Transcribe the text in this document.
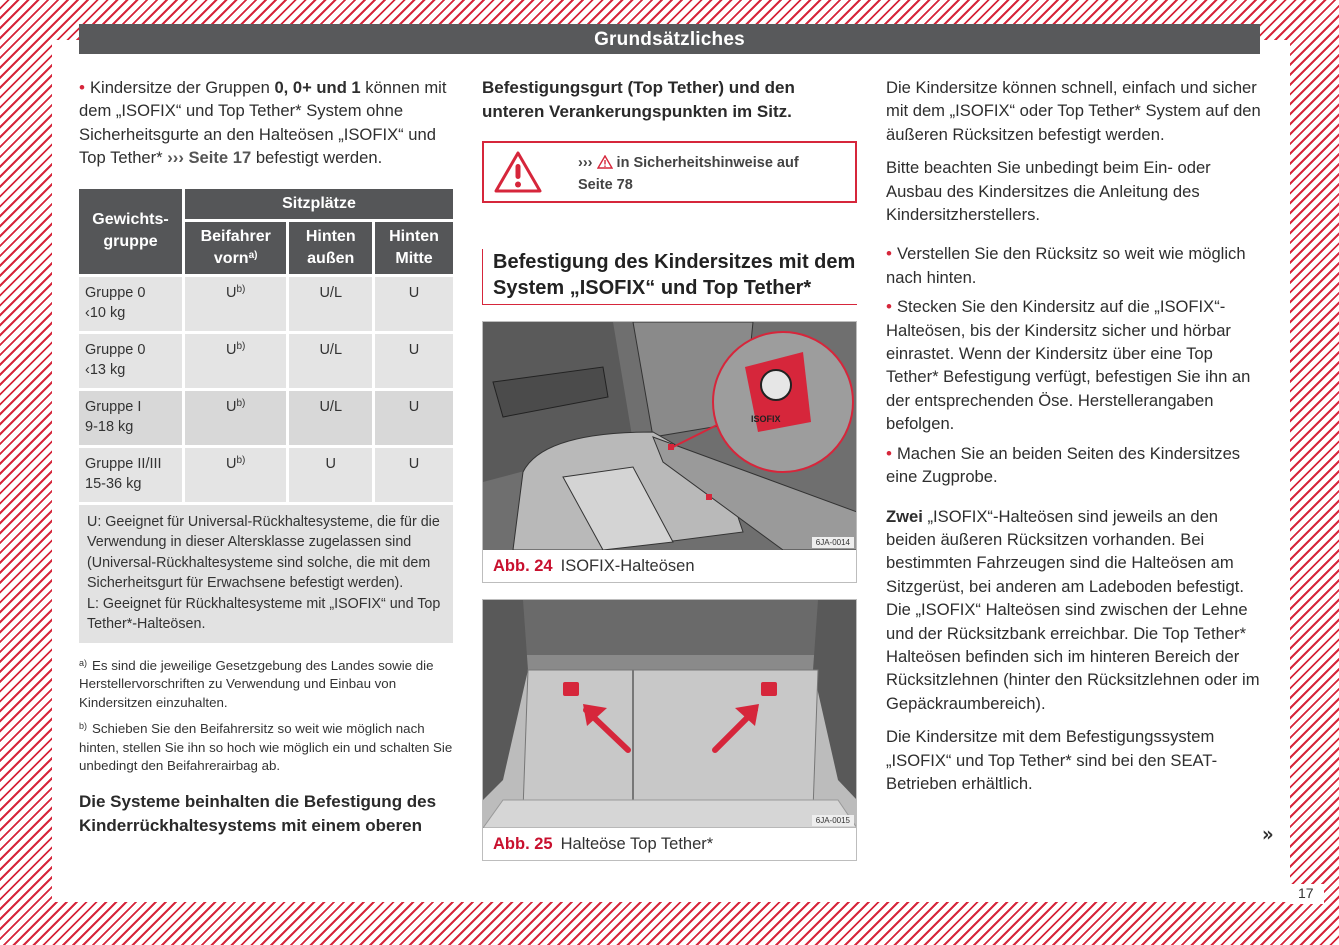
17
Grundsätzliches

• Kindersitze der Gruppen 0, 0+ und 1 können mit dem „ISOFIX“ und Top Tether* System ohne Sicherheitsgurte an den Halteösen „ISOFIX“ und Top Tether* ››› Seite 17 befestigt werden.

Gewichts-gruppe	Sitzplätze		
	Beifahrer vorn$^{a)}$	Hinten außen	Hinten Mitte
Gruppe 0
‹10 kg	$U^{b)}$	U/L	U
Gruppe 0
‹13 kg	$U^{b)}$	U/L	U
Gruppe I
9-18 kg	$U^{b)}$	U/L	U
Gruppe II/III
15-36 kg	$U^{b)}$	U	U
U: Geeignet für Universal-Rückhaltesysteme, die für die Verwendung in dieser Altersklasse zugelassen sind (Universal-Rückhaltesysteme sind solche, die mit dem Sicherheitsgurt für Erwachsene befestigt werden).
L: Geeignet für Rückhaltesysteme mit „ISOFIX“ und Top Tether*-Halteösen.

$^{a)}$ Es sind die jeweilige Gesetzgebung des Landes sowie die Herstellervorschriften zu Verwendung und Einbau von Kindersitzen einzuhalten.

$^{b)}$ Schieben Sie den Beifahrersitz so weit wie möglich nach hinten, stellen Sie ihn so hoch wie möglich ein und schalten Sie unbedingt den Beifahrerairbag ab.

Die Systeme beinhalten die Befestigung des Kinderrückhaltesystems mit einem oberen

Befestigungsgurt (Top Tether) und den unteren Verankerungspunkten im Sitz.

›››  in Sicherheitshinweise auf
Seite 78
Befestigung des Kindersitzes mit dem System „ISOFIX“ und Top Tether*
ISOFIX
6JA-0014
Abb. 24 ISOFIX-Halteösen
6JA-0015
Abb. 25 Halteöse Top Tether*

Die Kindersitze können schnell, einfach und sicher mit dem „ISOFIX“ oder Top Tether* System auf den äußeren Rücksitzen befestigt werden.

Bitte beachten Sie unbedingt beim Ein- oder Ausbau des Kindersitzes die Anleitung des Kindersitzherstellers.

• Verstellen Sie den Rücksitz so weit wie möglich nach hinten.

• Stecken Sie den Kindersitz auf die „ISOFIX“-Halteösen, bis der Kindersitz sicher und hörbar einrastet. Wenn der Kindersitz über eine Top Tether* Befestigung verfügt, befestigen Sie ihn an der entsprechenden Öse. Herstellerangaben befolgen.

• Machen Sie an beiden Seiten des Kindersitzes eine Zugprobe.

Zwei „ISOFIX“-Halteösen sind jeweils an den beiden äußeren Rücksitzen vorhanden. Bei bestimmten Fahrzeugen sind die Halteösen am Sitzgerüst, bei anderen am Ladeboden befestigt. Die „ISOFIX“ Halteösen sind zwischen der Lehne und der Rücksitzbank erreichbar. Die Top Tether* Halteösen befinden sich im hinteren Bereich der Rücksitzlehnen (hinter den Rücksitzlehnen oder im Gepäckraumbereich).

Die Kindersitze mit dem Befestigungssystem „ISOFIX“ und Top Tether* sind bei den SEAT-Betrieben erhältlich.

»
